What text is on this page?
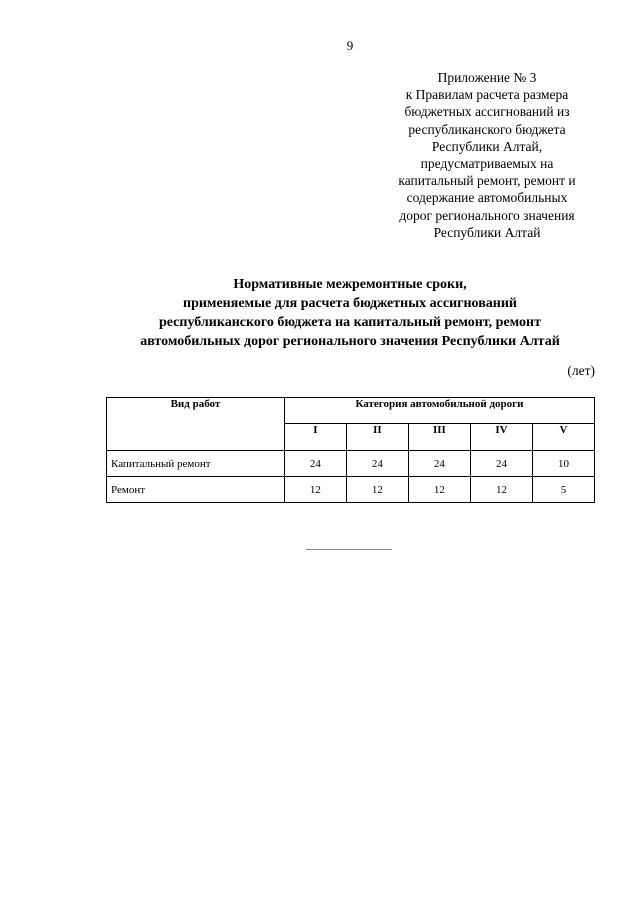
9
Приложение № 3
к Правилам расчета размера
бюджетных ассигнований из
республиканского бюджета
Республики Алтай,
предусматриваемых на
капитальный ремонт, ремонт и
содержание автомобильных
дорог регионального значения
Республики Алтай
Нормативные межремонтные сроки,
применяемые для расчета бюджетных ассигнований
республиканского бюджета на капитальный ремонт, ремонт
автомобильных дорог регионального значения Республики Алтай
(лет)
Вид работ	Категория автомобильной дороги				
	I	II	III	IV	V
Капитальный ремонт	24	24	24	24	10
Ремонт	12	12	12	12	5
